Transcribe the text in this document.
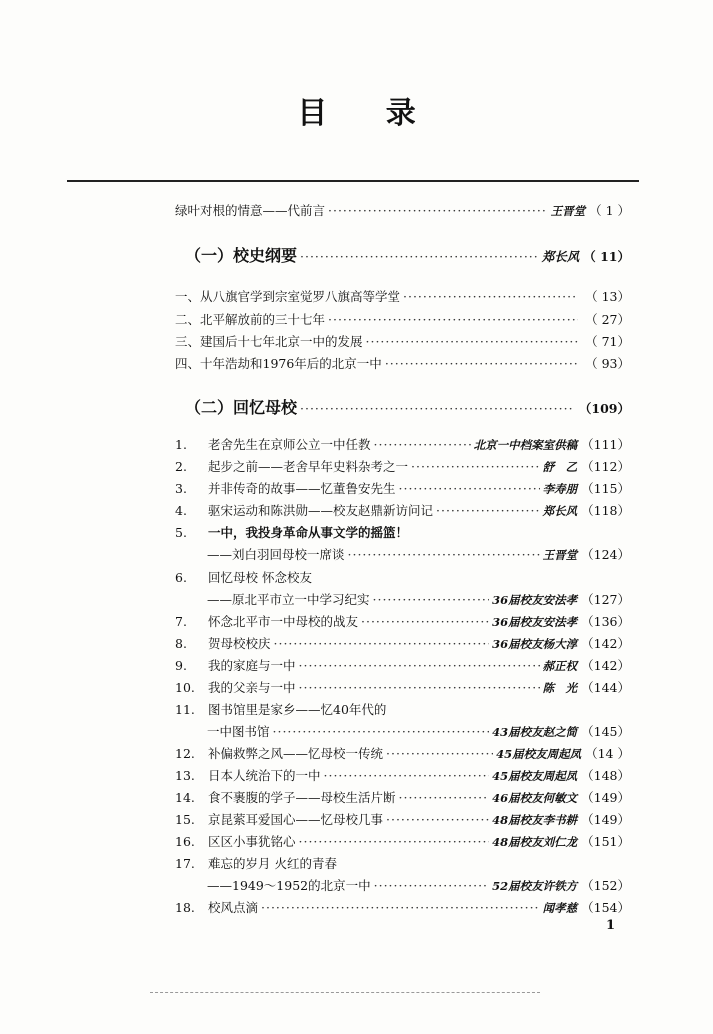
目 录
绿叶对根的情意——代前言 ·····	王晋堂 （ 1 ）
（一）校史纲要 ·····	郑长风 （ 11）
一、从八旗官学到宗室觉罗八旗高等学堂 ·····	（ 13）
二、北平解放前的三十七年 ·····	（ 27）
三、建国后十七年北京一中的发展 ·····	（ 71）
四、十年浩劫和1976年后的北京一中 ·····	（ 93）
（二）回忆母校 ·····	（109）
1.	老舍先生在京师公立一中任教 ·····	北京一中档案室供稿 （111）
2.	起步之前——老舍早年史料杂考之一 ·····	舒　乙 （112）
3.	并非传奇的故事——忆董鲁安先生 ·····	李寿朋 （115）
4.	驱宋运动和陈洪勋——校友赵鼎新访问记 ·····	郑长风 （118）
5.	一中，我投身革命从事文学的摇篮！
——刘白羽回母校一席谈 ·····	王晋堂 （124）
6.	回忆母校 怀念校友
——原北平市立一中学习纪实 ·····	36届校友安法孝 （127）
7.	怀念北平市一中母校的战友 ·····	36届校友安法孝 （136）
8.	贺母校校庆 ·····	36届校友杨大淳 （142）
9.	我的家庭与一中 ·····	郝正权 （142）
10.	我的父亲与一中 ·····	陈　光 （144）
11.	图书馆里是家乡——忆40年代的
一中图书馆 ·····	43届校友赵之简 （145）
12.	补偏救弊之风——忆母校一传统 ·····	45届校友周起凤 （14 ）
13.	日本人统治下的一中 ·····	45届校友周起凤 （148）
14.	食不裹腹的学子——母校生活片断 ·····	46届校友何敏文 （149）
15.	京昆萦耳爱国心——忆母校几事 ·····	48届校友李书耕 （149）
16.	区区小事犹铭心 ·····	48届校友刘仁龙 （151）
17.	难忘的岁月 火红的青春
——1949～1952的北京一中 ·····	52届校友许铁方 （152）
18.	校风点滴 ·····	闻孝慈 （154）
1
